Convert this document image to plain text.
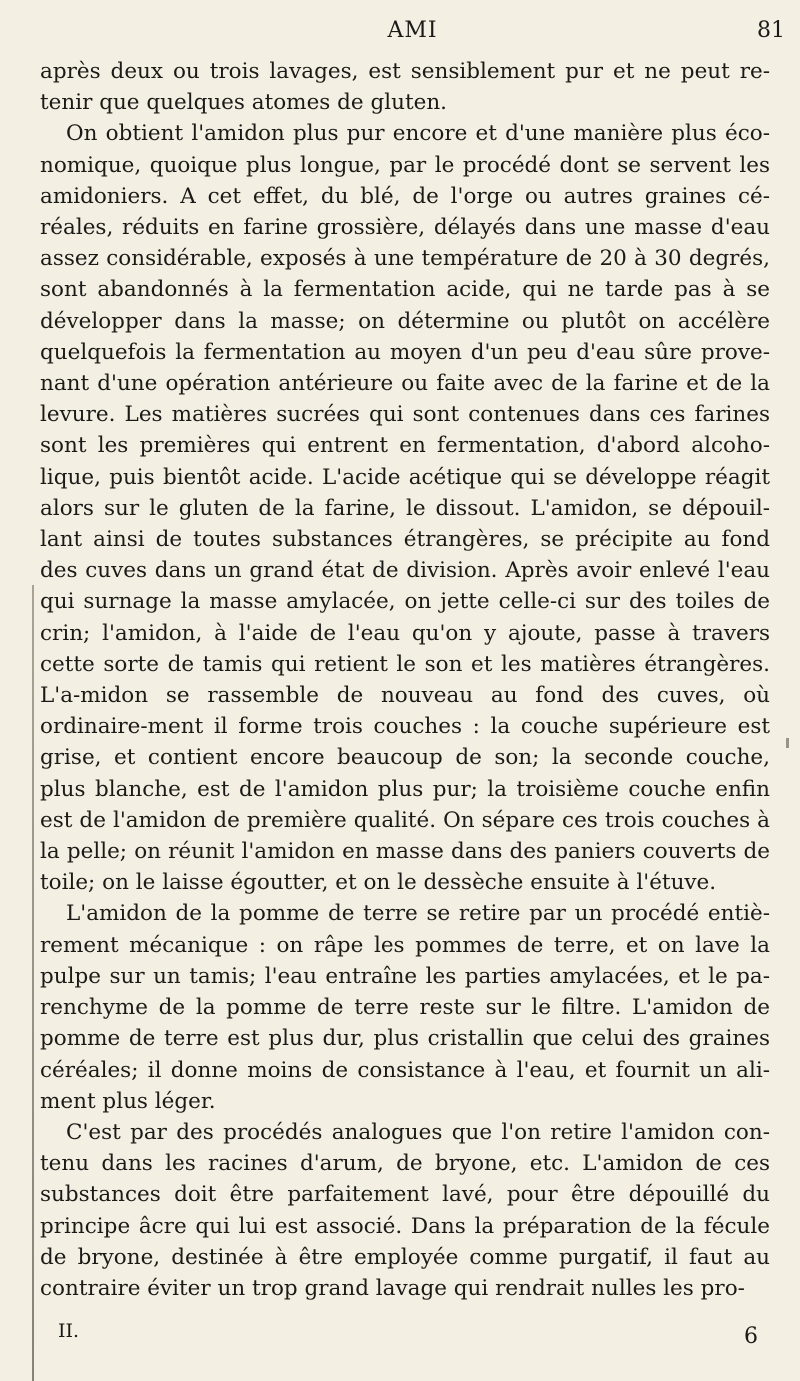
AMI	81

après deux ou trois lavages, est sensiblement pur et ne peut re-tenir que quelques atomes de gluten.

On obtient l'amidon plus pur encore et d'une manière plus éco-nomique, quoique plus longue, par le procédé dont se servent les amidoniers. A cet effet, du blé, de l'orge ou autres graines cé-réales, réduits en farine grossière, délayés dans une masse d'eau assez considérable, exposés à une température de 20 à 30 degrés, sont abandonnés à la fermentation acide, qui ne tarde pas à se développer dans la masse; on détermine ou plutôt on accélère quelquefois la fermentation au moyen d'un peu d'eau sûre prove-nant d'une opération antérieure ou faite avec de la farine et de la levure. Les matières sucrées qui sont contenues dans ces farines sont les premières qui entrent en fermentation, d'abord alcoho-lique, puis bientôt acide. L'acide acétique qui se développe réagit alors sur le gluten de la farine, le dissout. L'amidon, se dépouil-lant ainsi de toutes substances étrangères, se précipite au fond des cuves dans un grand état de division. Après avoir enlevé l'eau qui surnage la masse amylacée, on jette celle-ci sur des toiles de crin; l'amidon, à l'aide de l'eau qu'on y ajoute, passe à travers cette sorte de tamis qui retient le son et les matières étrangères. L'a-midon se rassemble de nouveau au fond des cuves, où ordinaire-ment il forme trois couches : la couche supérieure est grise, et contient encore beaucoup de son; la seconde couche, plus blanche, est de l'amidon plus pur; la troisième couche enfin est de l'amidon de première qualité. On sépare ces trois couches à la pelle; on réunit l'amidon en masse dans des paniers couverts de toile; on le laisse égoutter, et on le dessèche ensuite à l'étuve.

L'amidon de la pomme de terre se retire par un procédé entiè-rement mécanique : on râpe les pommes de terre, et on lave la pulpe sur un tamis; l'eau entraîne les parties amylacées, et le pa-renchyme de la pomme de terre reste sur le filtre. L'amidon de pomme de terre est plus dur, plus cristallin que celui des graines céréales; il donne moins de consistance à l'eau, et fournit un ali-ment plus léger.

C'est par des procédés analogues que l'on retire l'amidon con-tenu dans les racines d'arum, de bryone, etc. L'amidon de ces substances doit être parfaitement lavé, pour être dépouillé du principe âcre qui lui est associé. Dans la préparation de la fécule de bryone, destinée à être employée comme purgatif, il faut au contraire éviter un trop grand lavage qui rendrait nulles les pro-

II.	6
